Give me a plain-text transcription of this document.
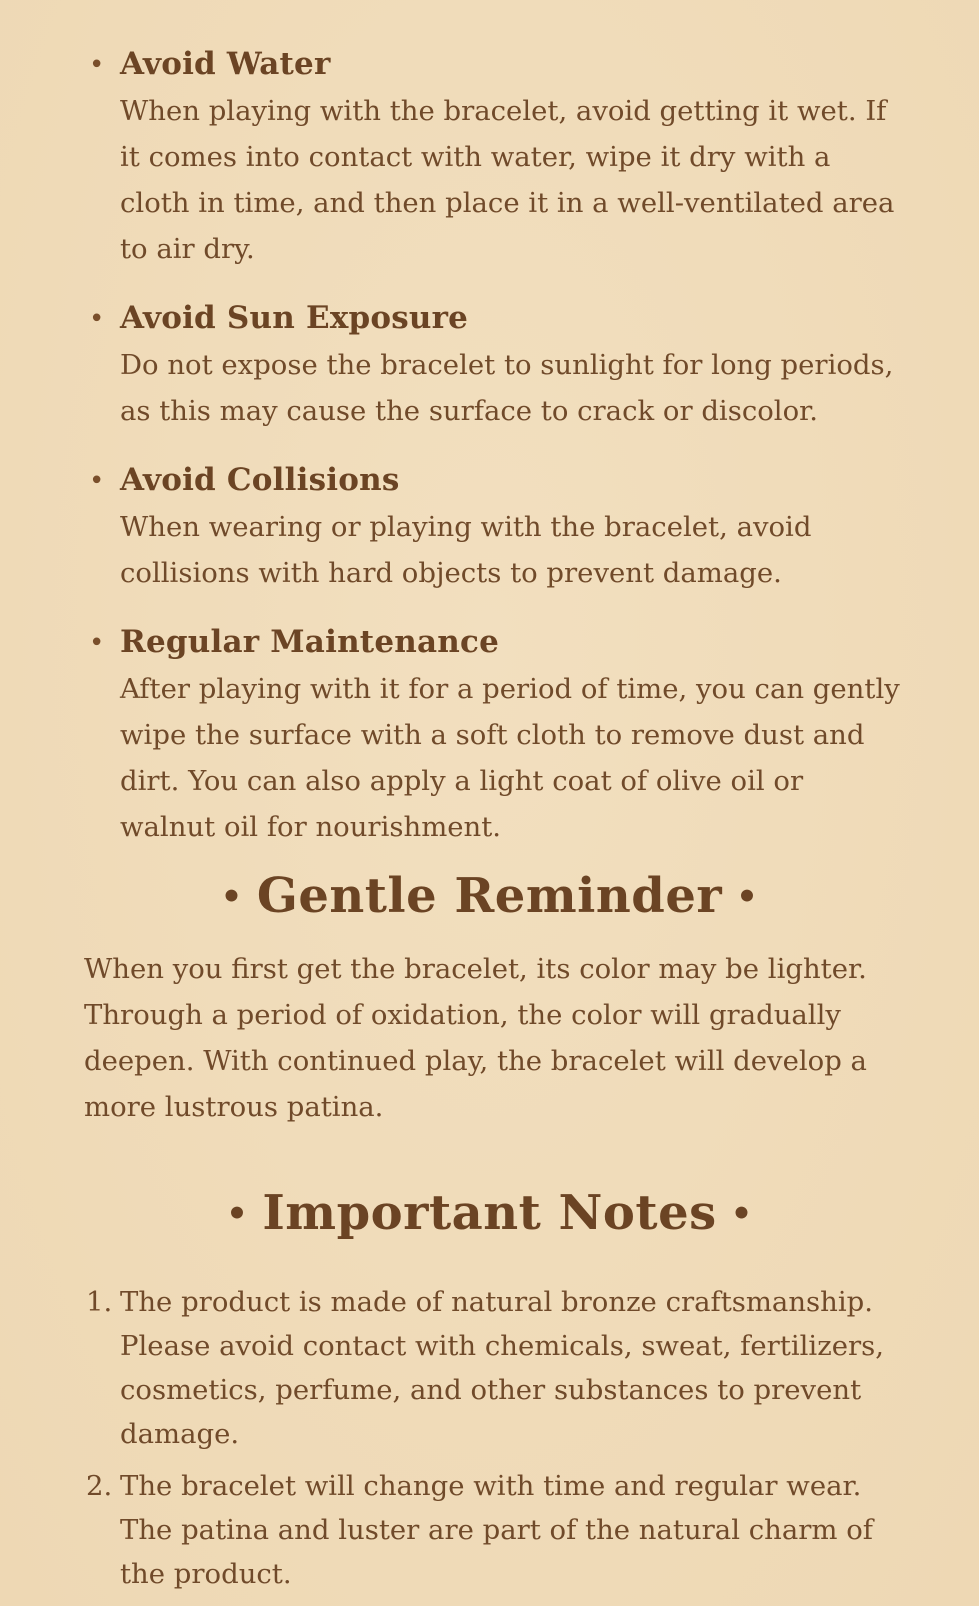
• Avoid Water
When playing with the bracelet, avoid getting it wet. If it comes into contact with water, wipe it dry with a cloth in time, and then place it in a well-ventilated area to air dry.
• Avoid Sun Exposure
Do not expose the bracelet to sunlight for long periods, as this may cause the surface to crack or discolor.
• Avoid Collisions
When wearing or playing with the bracelet, avoid collisions with hard objects to prevent damage.
• Regular Maintenance
After playing with it for a period of time, you can gently wipe the surface with a soft cloth to remove dust and dirt. You can also apply a light coat of olive oil or walnut oil for nourishment.
• Gentle Reminder •

When you first get the bracelet, its color may be lighter. Through a period of oxidation, the color will gradually deepen. With continued play, the bracelet will develop a more lustrous patina.

• Important Notes •
1. The product is made of natural bronze craftsmanship. Please avoid contact with chemicals, sweat, fertilizers, cosmetics, perfume, and other substances to prevent damage.
2. The bracelet will change with time and regular wear. The patina and luster are part of the natural charm of the product.
